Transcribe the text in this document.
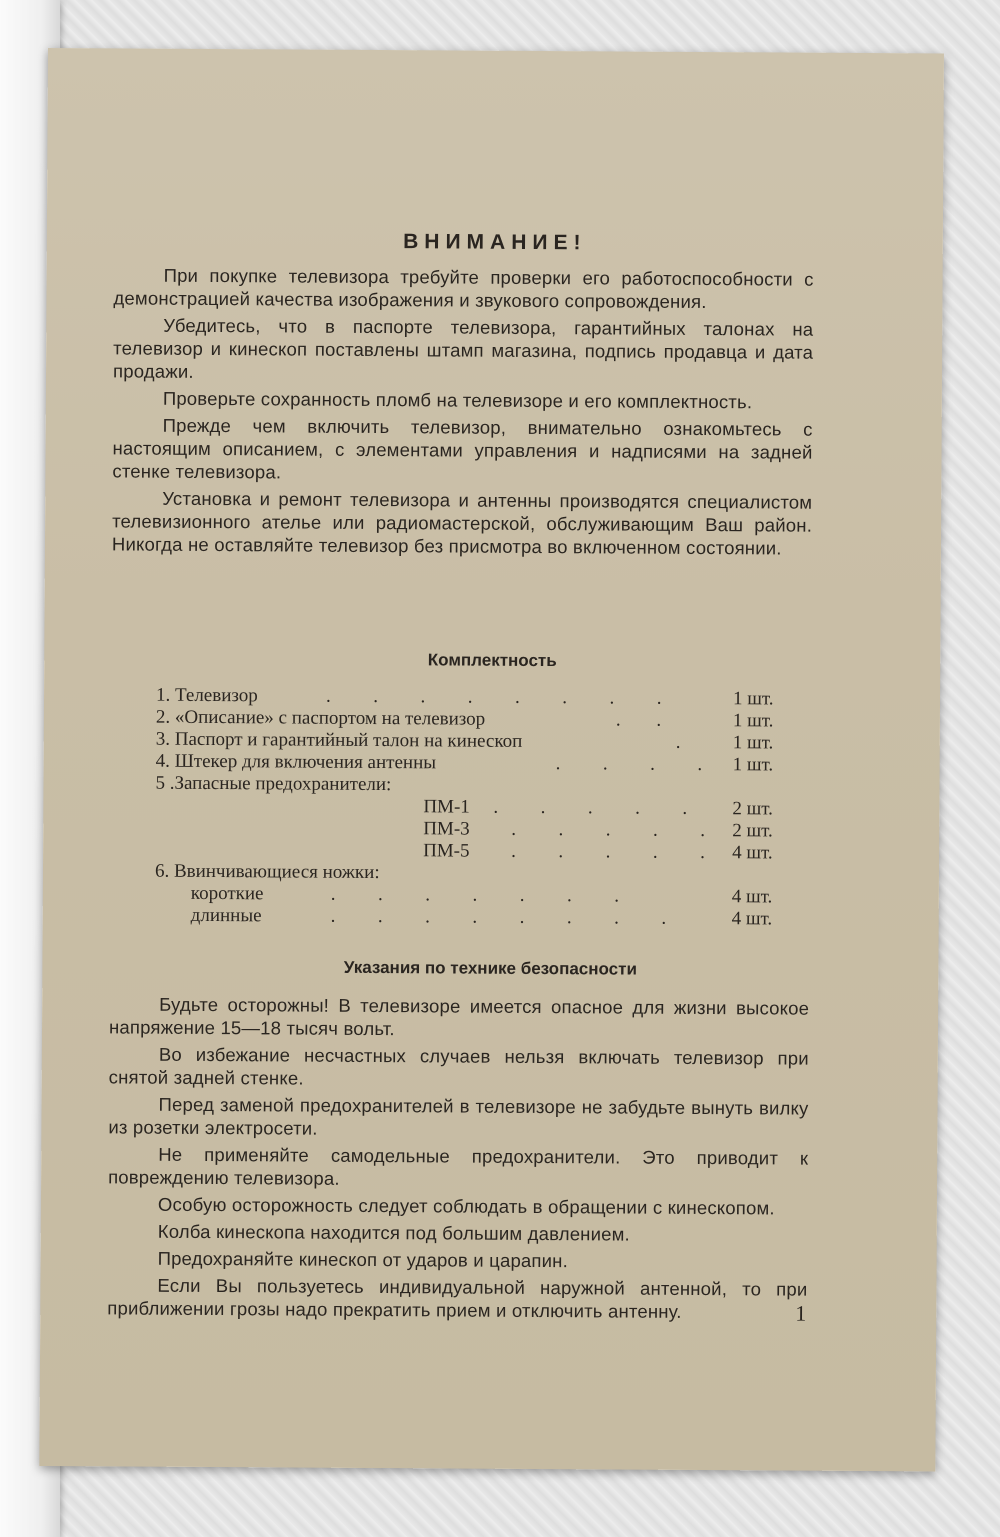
ВНИМАНИЕ!

При покупке телевизора требуйте проверки его работоспособности с демонстрацией качества изображения и звукового сопровождения.

Убедитесь, что в паспорте телевизора, гарантийных талонах на телевизор и кинескоп поставлены штамп магазина, подпись продавца и дата продажи.

Проверьте сохранность пломб на телевизоре и его комплектность.

Прежде чем включить телевизор, внимательно ознакомьтесь с настоящим описанием, с элементами управления и надписями на задней стенке телевизора.

Установка и ремонт телевизора и антенны производятся специалистом телевизионного ателье или радиомастерской, обслуживающим Ваш район. Никогда не оставляйте телевизор без присмотра во включенном состоянии.

Комплектность
1. Телевизор	.      .      .      .      .      .      .      .	1 шт.
2. «Описание» с паспортом на телевизор	.     .	1 шт.
3. Паспорт и гарантийный талон на кинескоп	.	1 шт.
4. Штекер для включения антенны	.      .      .      . 1 шт.
5 .Запасные предохранители:
ПМ-1 .      .      .      .      . 2 шт.
ПМ-3 .      .      .      .      . 2 шт.
ПМ-5 .      .      .      .      . 4 шт.
6. Ввинчивающиеся ножки:
короткие	.      .      .      .      .      .      .	4 шт.
длинные	.      .      .      .      .      .      .      .	4 шт.
Указания по технике безопасности

Будьте осторожны! В телевизоре имеется опасное для жизни высокое напряжение 15—18 тысяч вольт.

Во избежание несчастных случаев нельзя включать телевизор при снятой задней стенке.

Перед заменой предохранителей в телевизоре не забудьте вынуть вилку из розетки электросети.

Не применяйте самодельные предохранители. Это приводит к повреждению телевизора.

Особую осторожность следует соблюдать в обращении с кинескопом.

Колба кинескопа находится под большим давлением.

Предохраняйте кинескоп от ударов и царапин.

Если Вы пользуетесь индивидуальной наружной антенной, то при приближении грозы надо прекратить прием и отключить антенну.	1
